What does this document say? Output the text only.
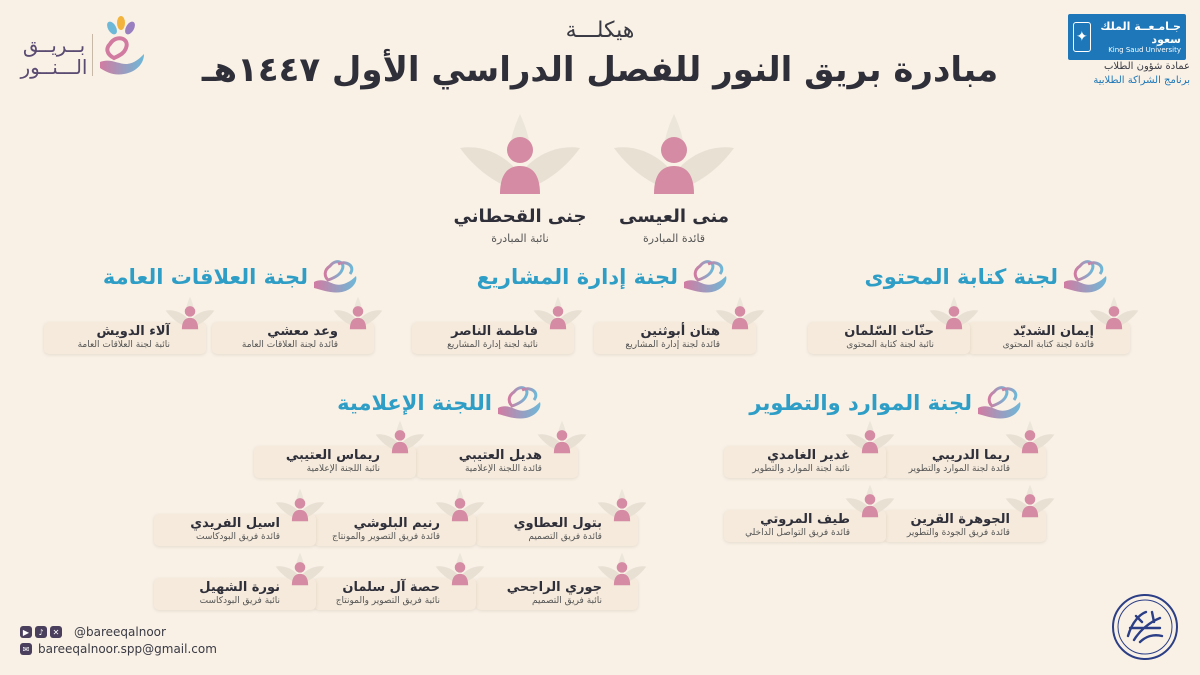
هيكلـــة
مبادرة بريق النور للفصل الدراسي الأول ١٤٤٧هـ
✦
جـامـعــة الملك سعود
King Saud University
عمادة شؤون الطلاب
برنامج الشراكة الطلابية
بــريــق
الـــنــور
منى العيسى
قائدة المبادرة
جنى القحطاني
نائبة المبادرة
لجنة كتابة المحتوى
إيمان الشديّد
قائدة لجنة كتابة المحتوى
حنّات السّلمان
نائبة لجنة كتابة المحتوى
لجنة إدارة المشاريع
هتان أبوثنين
قائدة لجنة إدارة المشاريع
فاطمة الناصر
نائبة لجنة إدارة المشاريع
لجنة العلاقات العامة
وعد معشي
قائدة لجنة العلاقات العامة
آلاء الدويش
نائبة لجنة العلاقات العامة
لجنة الموارد والتطوير
ريما الدريبي
قائدة لجنة الموارد والتطوير
غدير الغامدي
نائبة لجنة الموارد والتطوير
الجوهرة القرين
قائدة فريق الجودة والتطوير
طيف المروتي
قائدة فريق التواصل الداخلي
اللجنة الإعلامية
هديل العتيبي
قائدة اللجنة الإعلامية
ريماس العتيبي
نائبة اللجنة الإعلامية
بتول العطاوي
قائدة فريق التصميم
رنيم البلوشي
قائدة فريق التصوير والمونتاج
اسيل الفريدي
قائدة فريق البودكاست
جوري الراجحي
نائبة فريق التصميم
حصة آل سلمان
نائبة فريق التصوير والمونتاج
نورة الشهيل
نائبة فريق البودكاست
▶	♪	✕ @bareeqalnoor
✉ bareeqalnoor.spp@gmail.com
